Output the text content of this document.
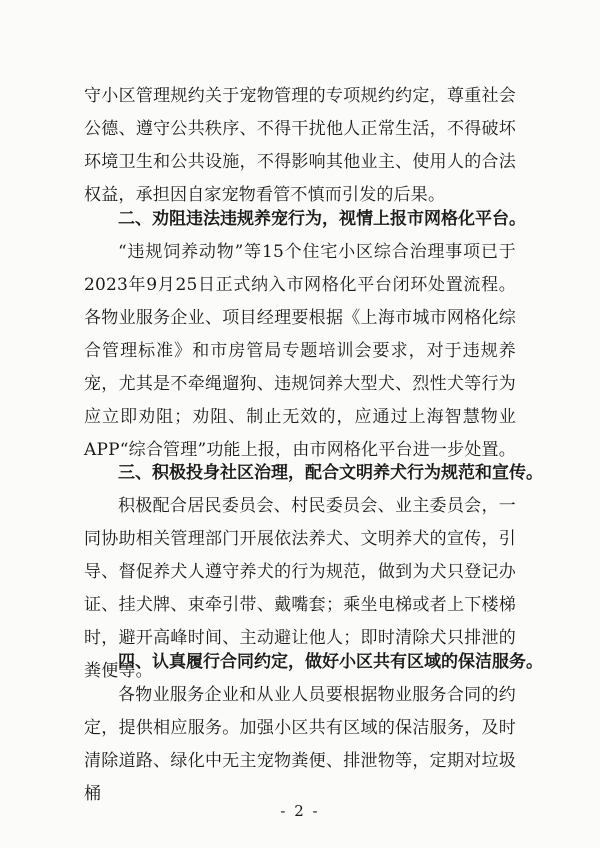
守小区管理规约关于宠物管理的专项规约约定，尊重社会公德、遵守公共秩序、不得干扰他人正常生活，不得破坏环境卫生和公共设施，不得影响其他业主、使用人的合法权益，承担因自家宠物看管不慎而引发的后果。

二、劝阻违法违规养宠行为，视情上报市网格化平台。

“违规饲养动物”等15个住宅小区综合治理事项已于2023年9月25日正式纳入市网格化平台闭环处置流程。各物业服务企业、项目经理要根据《上海市城市网格化综合管理标准》和市房管局专题培训会要求，对于违规养宠，尤其是不牵绳遛狗、违规饲养大型犬、烈性犬等行为应立即劝阻；劝阻、制止无效的，应通过上海智慧物业APP“综合管理”功能上报，由市网格化平台进一步处置。

三、积极投身社区治理，配合文明养犬行为规范和宣传。

积极配合居民委员会、村民委员会、业主委员会，一同协助相关管理部门开展依法养犬、文明养犬的宣传，引导、督促养犬人遵守养犬的行为规范，做到为犬只登记办证、挂犬牌、束牵引带、戴嘴套；乘坐电梯或者上下楼梯时，避开高峰时间、主动避让他人；即时清除犬只排泄的粪便等。

四、认真履行合同约定，做好小区共有区域的保洁服务。

各物业服务企业和从业人员要根据物业服务合同的约定，提供相应服务。加强小区共有区域的保洁服务，及时清除道路、绿化中无主宠物粪便、排泄物等，定期对垃圾桶

- 2 -
